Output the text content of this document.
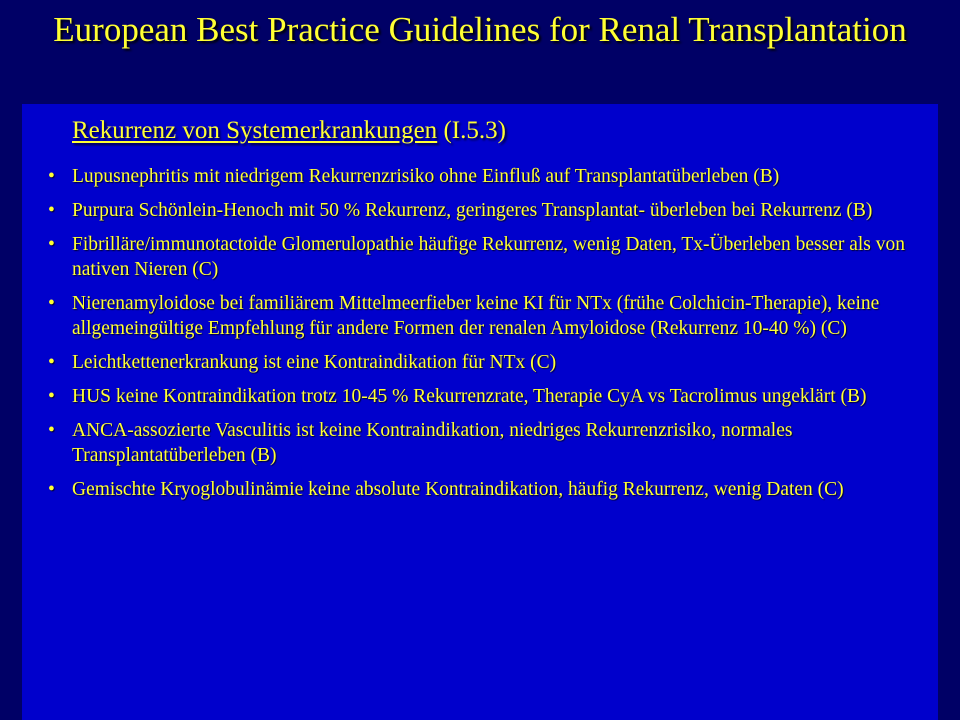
European Best Practice Guidelines for Renal Transplantation
Rekurrenz von Systemerkrankungen (I.5.3)
• Lupusnephritis mit niedrigem Rekurrenzrisiko ohne Einfluß auf Transplantatüberleben (B)
• Purpura Schönlein-Henoch mit 50 % Rekurrenz, geringeres Transplantat- überleben bei Rekurrenz (B)
• Fibrilläre/immunotactoide Glomerulopathie häufige Rekurrenz, wenig Daten, Tx-Überleben besser als von nativen Nieren (C)
• Nierenamyloidose bei familiärem Mittelmeerfieber keine KI für NTx (frühe Colchicin-Therapie), keine allgemeingültige Empfehlung für andere Formen der renalen Amyloidose (Rekurrenz 10-40 %) (C)
• Leichtkettenerkrankung ist eine Kontraindikation für NTx (C)
• HUS keine Kontraindikation trotz 10-45 % Rekurrenzrate, Therapie CyA vs Tacrolimus ungeklärt (B)
• ANCA-assozierte Vasculitis ist keine Kontraindikation, niedriges Rekurrenzrisiko, normales Transplantatüberleben (B)
• Gemischte Kryoglobulinämie keine absolute Kontraindikation, häufig Rekurrenz, wenig Daten (C)
